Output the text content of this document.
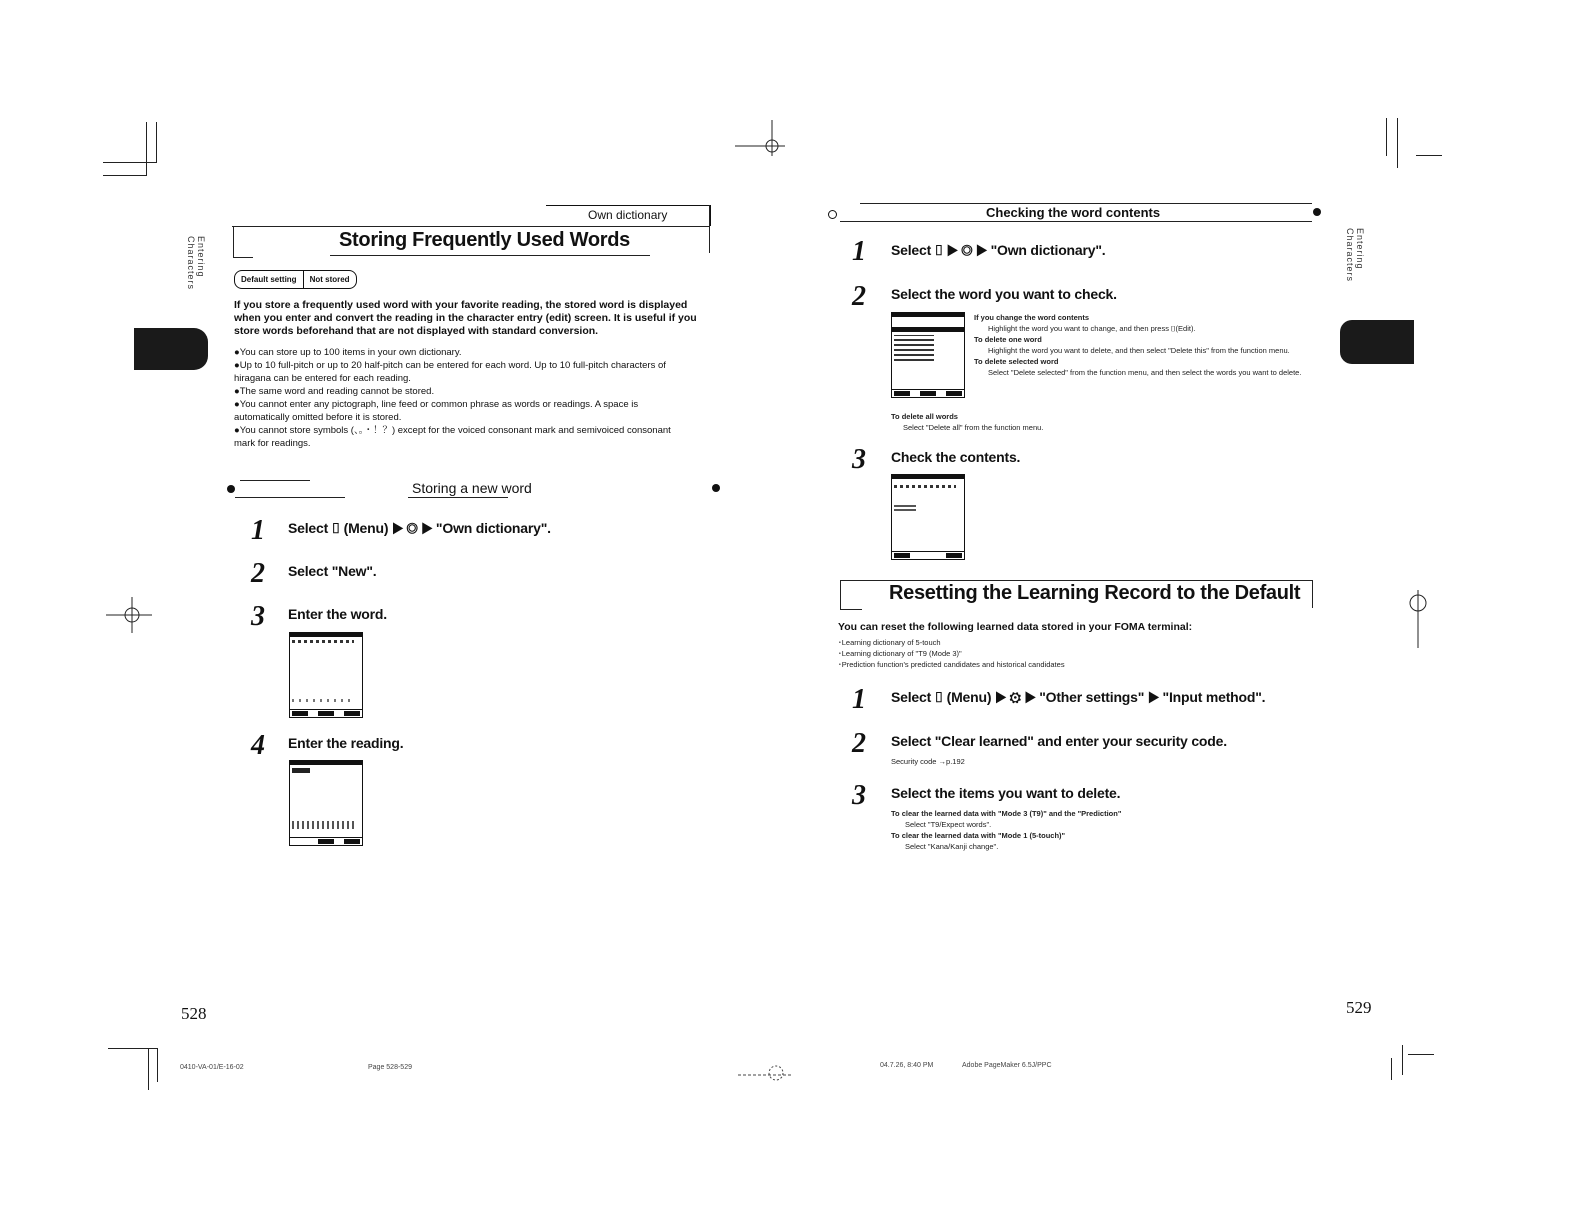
Entering Characters
Own dictionary
Storing Frequently Used Words
Default setting	Not stored
If you store a frequently used word with your favorite reading, the stored word is displayed when you enter and convert the reading in the character entry (edit) screen. It is useful if you store words beforehand that are not displayed with standard conversion.
●You can store up to 100 items in your own dictionary.
●Up to 10 full-pitch or up to 20 half-pitch can be entered for each word. Up to 10 full-pitch characters of hiragana can be entered for each reading.
●The same word and reading cannot be stored.
●You cannot enter any pictograph, line feed or common phrase as words or readings. A space is automatically omitted before it is stored.
●You cannot store symbols (、。・！？) except for the voiced consonant mark and semivoiced consonant mark for readings.
Storing a new word
1 Select ⌷ (Menu) ▶ ◎ ▶ "Own dictionary".
2 Select "New".
3 Enter the word.
4 Enter the reading.
528
0410-VA-01/E-16-02	Page 528-529
Entering Characters
Checking the word contents
1 Select ⌷ ▶ ◎ ▶ "Own dictionary".
2 Select the word you want to check.
If you change the word contents
Highlight the word you want to change, and then press ⌷(Edit).
To delete one word
Highlight the word you want to delete, and then select "Delete this" from the function menu.
To delete selected word
Select "Delete selected" from the function menu, and then select the words you want to delete.
To delete all words
Select "Delete all" from the function menu.
3 Check the contents.
Resetting the Learning Record to the Default
You can reset the following learned data stored in your FOMA terminal:
･Learning dictionary of 5-touch
･Learning dictionary of "T9 (Mode 3)"
･Prediction function's predicted candidates and historical candidates
1 Select ⌷ (Menu) ▶ ⚙ ▶ "Other settings" ▶ "Input method".
2 Select "Clear learned" and enter your security code.
Security code →p.192
3 Select the items you want to delete.
To clear the learned data with "Mode 3 (T9)" and the "Prediction"
Select "T9/Expect words".
To clear the learned data with "Mode 1 (5-touch)"
Select "Kana/Kanji change".
529
04.7.26, 8:40 PM	Adobe PageMaker 6.5J/PPC
